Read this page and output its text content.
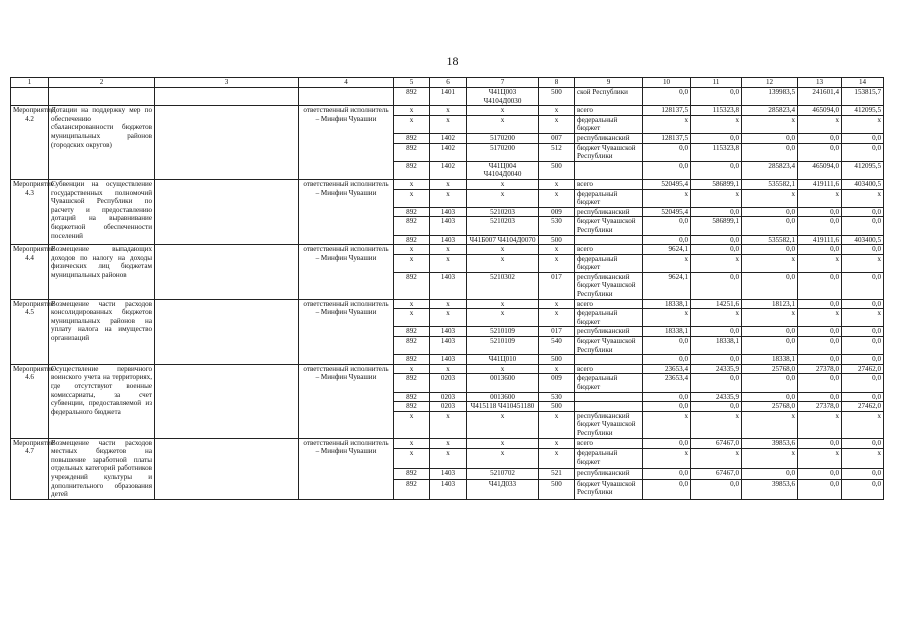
18
1	2	3	4	5	6	7	8	9	10	11	12	13	14
				892	1401	Ч41Ц003 Ч4104Д0030	500	ской Республики	0,0	0,0	139983,5	241601,4	153815,7
Мероприятие 4.2	Дотации на поддержку мер по обеспечению сбалансированности бюджетов муниципальных районов (городских округов)		ответственный исполнитель – Минфин Чувашии	x	x	x	x	всего	128137,5	115323,8	285823,4	465094,0	412095,5
				x	x	x	x	федеральный бюджет	x	x	x	x	x
				892	1402	5170200	007	республиканский	128137,5	0,0	0,0	0,0	0,0
				892	1402	5170200	512	бюджет Чувашской Республики	0,0	115323,8	0,0	0,0	0,0
				892	1402	Ч41Ц004 Ч4104Д0040	500		0,0	0,0	285823,4	465094,0	412095,5
Мероприятие 4.3	Субвенции на осуществление государственных полномочий Чувашской Республики по расчету и предоставлению дотаций на выравнивание бюджетной обеспеченности поселений		ответственный исполнитель – Минфин Чувашии	x	x	x	x	всего	520495,4	586899,1	535582,1	419111,6	403400,5
				x	x	x	x	федеральный бюджет	x	x	x	x	x
				892	1403	5210203	009	республиканский	520495,4	0,0	0,0	0,0	0,0
				892	1403	5210203	530	бюджет Чувашской Республики	0,0	586899,1	0,0	0,0	0,0
				892	1403	Ч41Б007 Ч4104Д0070	500		0,0	0,0	535582,1	419111,6	403400,5
Мероприятие 4.4	Возмещение выпадающих доходов по налогу на доходы физических лиц бюджетам муниципальных районов		ответственный исполнитель – Минфин Чувашии	x	x	x	x	всего	9624,1	0,0	0,0	0,0	0,0
				x	x	x	x	федеральный бюджет	x	x	x	x	x
				892	1403	5210302	017	республиканский бюджет Чувашской Республики	9624,1	0,0	0,0	0,0	0,0
Мероприятие 4.5	Возмещение части расходов консолидированных бюджетов муниципальных районов на уплату налога на имущество организаций		ответственный исполнитель – Минфин Чувашии	x	x	x	x	всего	18338,1	14251,6	18123,1	0,0	0,0
				x	x	x	x	федеральный бюджет	x	x	x	x	x
				892	1403	5210109	017	республиканский	18338,1	0,0	0,0	0,0	0,0
				892	1403	5210109	540	бюджет Чувашской Республики	0,0	18338,1	0,0	0,0	0,0
				892	1403	Ч41Ц010	500		0,0	0,0	18338,1	0,0	0,0
Мероприятие 4.6	Осуществление первичного воинского учета на территориях, где отсутствуют военные комиссариаты, за счет субвенции, предоставляемой из федерального бюджета		ответственный исполнитель – Минфин Чувашии	x	x	x	x	всего	23653,4	24335,9	25768,0	27378,0	27462,0
				892	0203	0013600	009	федеральный бюджет	23653,4	0,0	0,0	0,0	0,0
				892	0203	0013600	530		0,0	24335,9	0,0	0,0	0,0
				892	0203	Ч415118 Ч410451180	500		0,0	0,0	25768,0	27378,0	27462,0
				x	x	x	x	республиканский бюджет Чувашской Республики	x	x	x	x	x
Мероприятие 4.7	Возмещение части расходов местных бюджетов на повышение заработной платы отдельных категорий работников учреждений культуры и дополнительного образования детей		ответственный исполнитель – Минфин Чувашии	x	x	x	x	всего	0,0	67467,0	39853,6	0,0	0,0
				x	x	x	x	федеральный бюджет	x	x	x	x	x
				892	1403	5210702	521	республиканский	0,0	67467,0	0,0	0,0	0,0
				892	1403	Ч41Д033	500	бюджет Чувашской Республики	0,0	0,0	39853,6	0,0	0,0
